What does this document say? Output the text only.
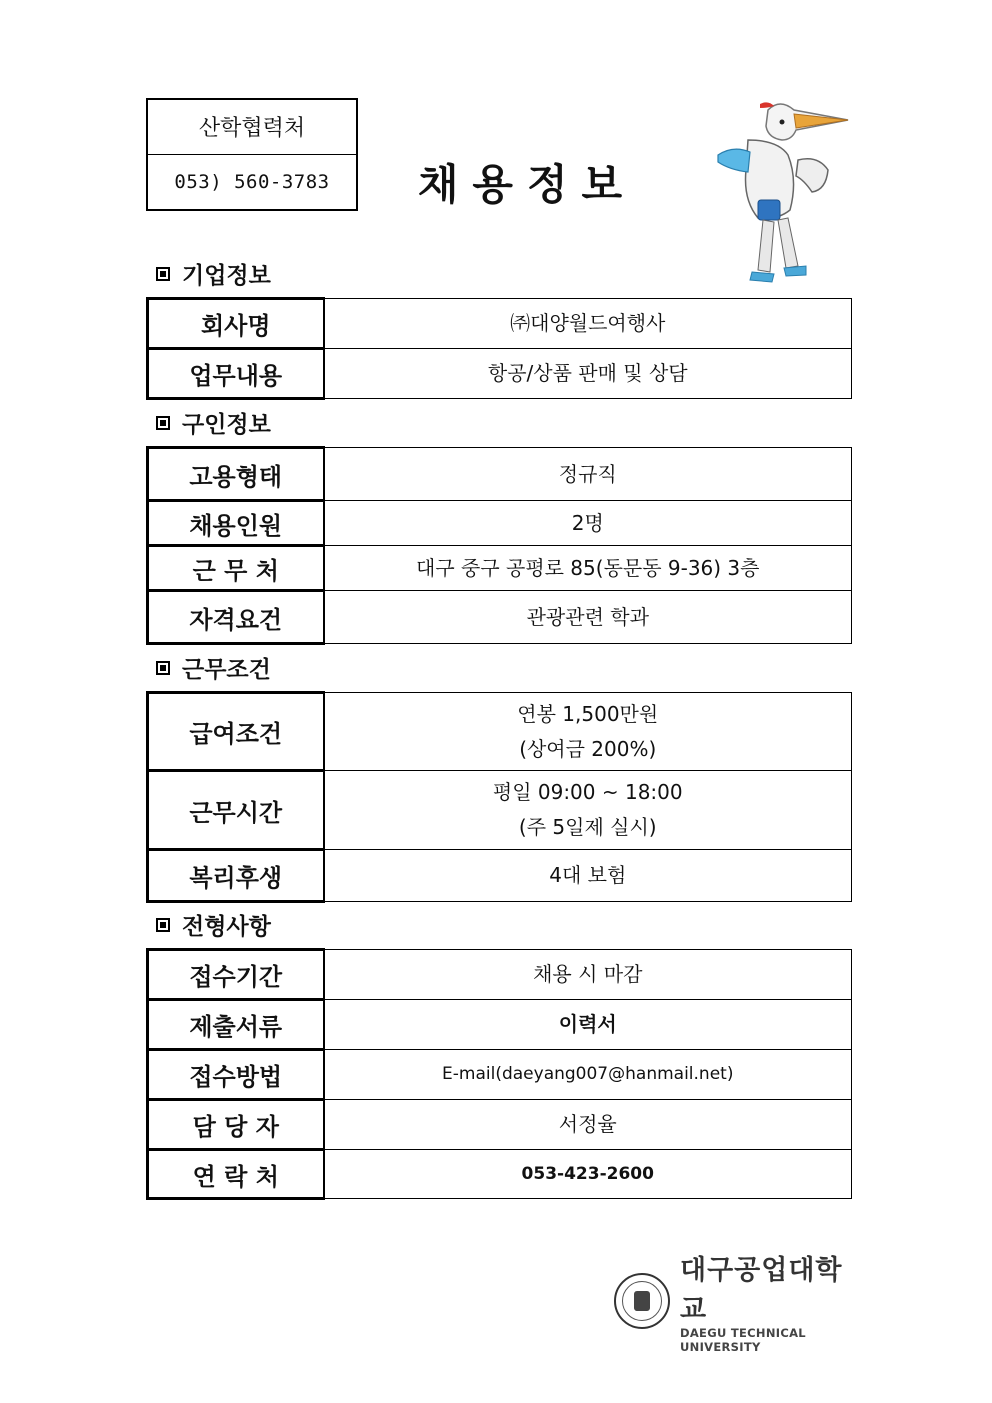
산학협력처
053) 560-3783	채용정보
기업정보
회사명	㈜대양월드여행사
업무내용	항공/상품 판매 및 상담
구인정보
고용형태	정규직
채용인원	2명
근 무 처	대구 중구 공평로 85(동문동 9-36) 3층
자격요건	관광관련 학과
근무조건
급여조건	연봉 1,500만원
(상여금 200%)

근무시간	평일 09:00 ~ 18:00
(주 5일제 실시)

복리후생	4대 보험
전형사항
접수기간	채용 시 마감
제출서류	이력서
접수방법	E-mail(daeyang007@hanmail.net)
담 당 자	서정율
연 락 처	053-423-2600
대구공업대학교
DAEGU TECHNICAL UNIVERSITY
